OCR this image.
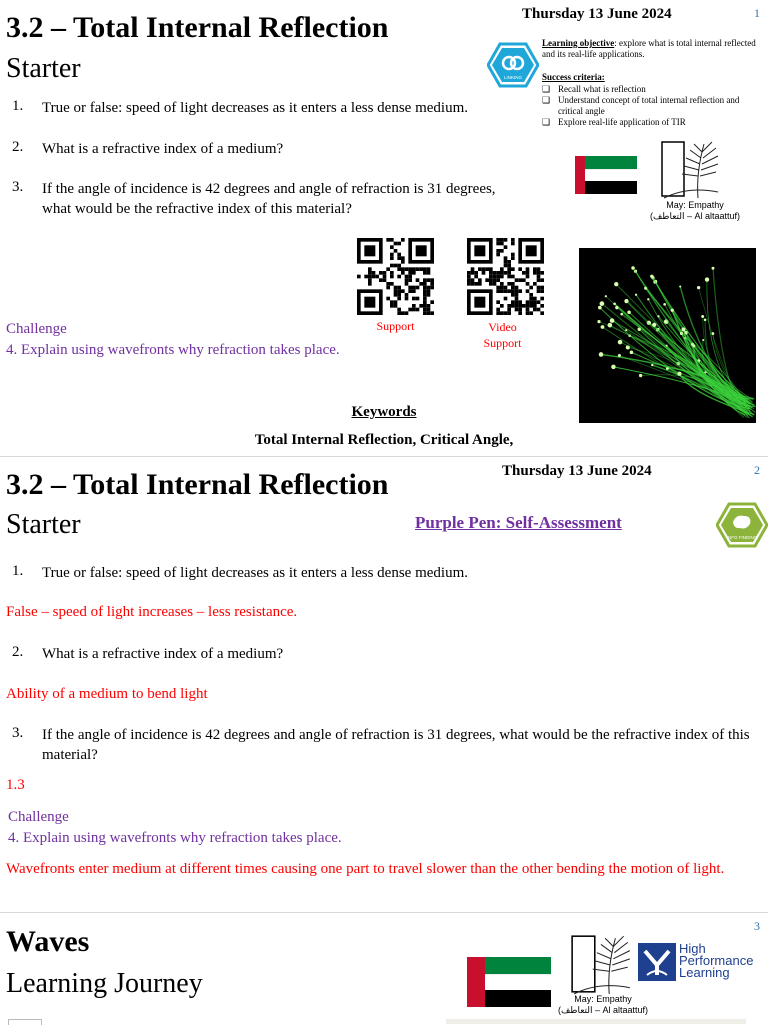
3.2 – Total Internal Reflection
Starter
Thursday 13 June 2024	1
LINKING
Learning objective: explore what is total internal reflected and its real-life applications.
Success criteria:
❑ Recall what is reflection
❑ Understand concept of total internal reflection and critical angle
❑ Explore real-life application of TIR
May: Empathy
(التعاطف – Al altaattuf)
1. True or false: speed of light decreases as it enters a less dense medium.
2. What is a refractive index of a medium?
3. If the angle of incidence is 42 degrees and angle of refraction is 31 degrees, what would be the refractive index of this material?
Support	Video
Support
Challenge
4. Explain using wavefronts why refraction takes place.
Keywords
Total Internal Reflection, Critical Angle,
3.2 – Total Internal Reflection
Starter
Thursday 13 June 2024	2
Purple Pen: Self-Assessment
INFO FINDING
1. True or false: speed of light decreases as it enters a less dense medium.
False – speed of light increases – less resistance.
2. What is a refractive index of a medium?
Ability of a medium to bend light
3. If the angle of incidence is 42 degrees and angle of refraction is 31 degrees, what would be the refractive index of this material?
1.3
Challenge
4. Explain using wavefronts why refraction takes place.
Wavefronts enter medium at different times causing one part to travel slower than the other bending the motion of light.
3
Waves
Learning Journey	May: Empathy
(التعاطف – Al altaattuf)
High
Performance
Learning
